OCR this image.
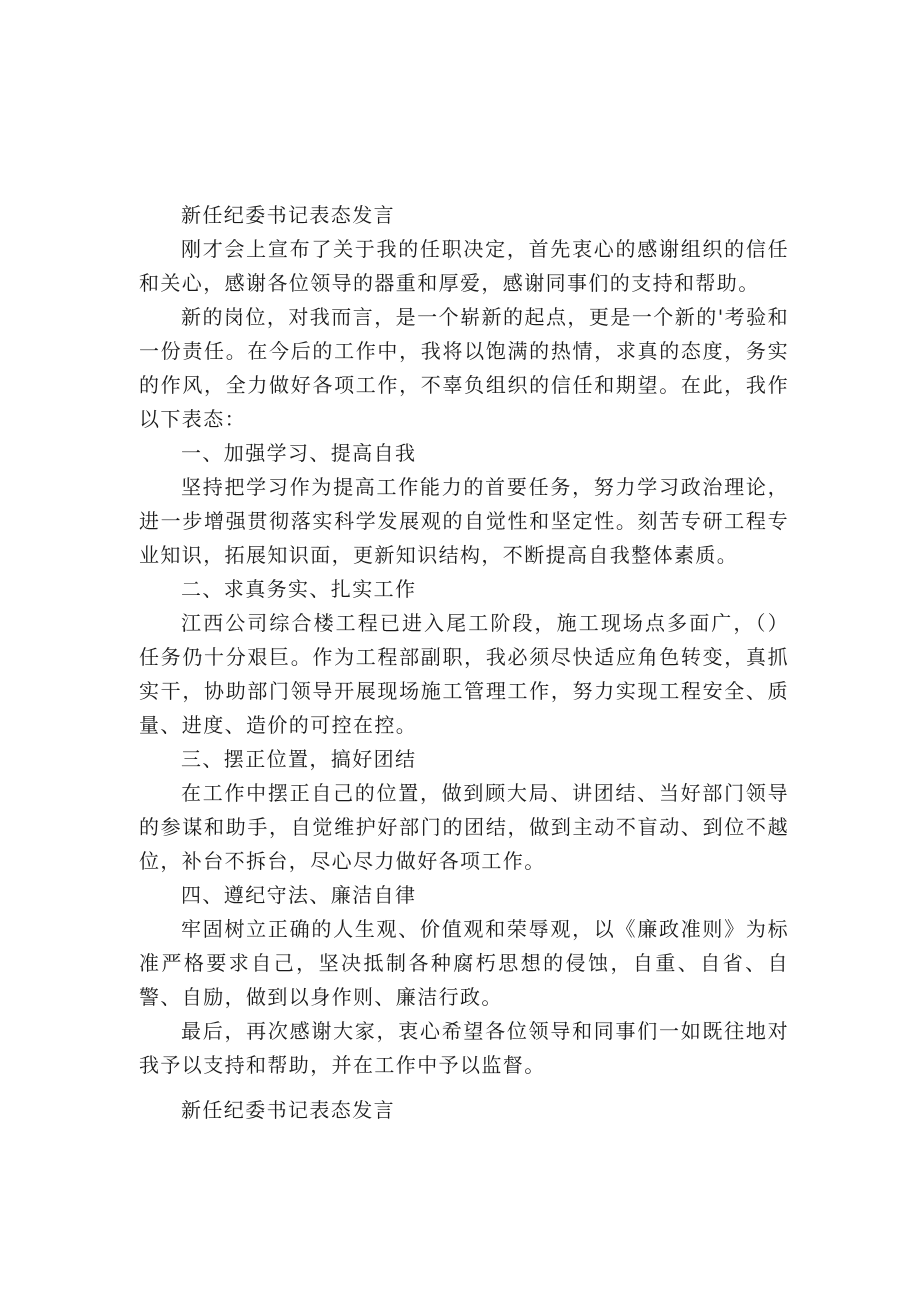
新任纪委书记表态发言

刚才会上宣布了关于我的任职决定，首先衷心的感谢组织的信任和关心，感谢各位领导的器重和厚爱，感谢同事们的支持和帮助。

新的岗位，对我而言，是一个崭新的起点，更是一个新的'考验和一份责任。在今后的工作中，我将以饱满的热情，求真的态度，务实的作风，全力做好各项工作，不辜负组织的信任和期望。在此，我作以下表态：

一、加强学习、提高自我

坚持把学习作为提高工作能力的首要任务，努力学习政治理论，进一步增强贯彻落实科学发展观的自觉性和坚定性。刻苦专研工程专业知识，拓展知识面，更新知识结构，不断提高自我整体素质。

二、求真务实、扎实工作

江西公司综合楼工程已进入尾工阶段，施工现场点多面广，（）任务仍十分艰巨。作为工程部副职，我必须尽快适应角色转变，真抓实干，协助部门领导开展现场施工管理工作，努力实现工程安全、质量、进度、造价的可控在控。

三、摆正位置，搞好团结

在工作中摆正自己的位置，做到顾大局、讲团结、当好部门领导的参谋和助手，自觉维护好部门的团结，做到主动不盲动、到位不越位，补台不拆台，尽心尽力做好各项工作。

四、遵纪守法、廉洁自律

牢固树立正确的人生观、价值观和荣辱观，以《廉政准则》为标准严格要求自己，坚决抵制各种腐朽思想的侵蚀，自重、自省、自警、自励，做到以身作则、廉洁行政。

最后，再次感谢大家，衷心希望各位领导和同事们一如既往地对我予以支持和帮助，并在工作中予以监督。

新任纪委书记表态发言
